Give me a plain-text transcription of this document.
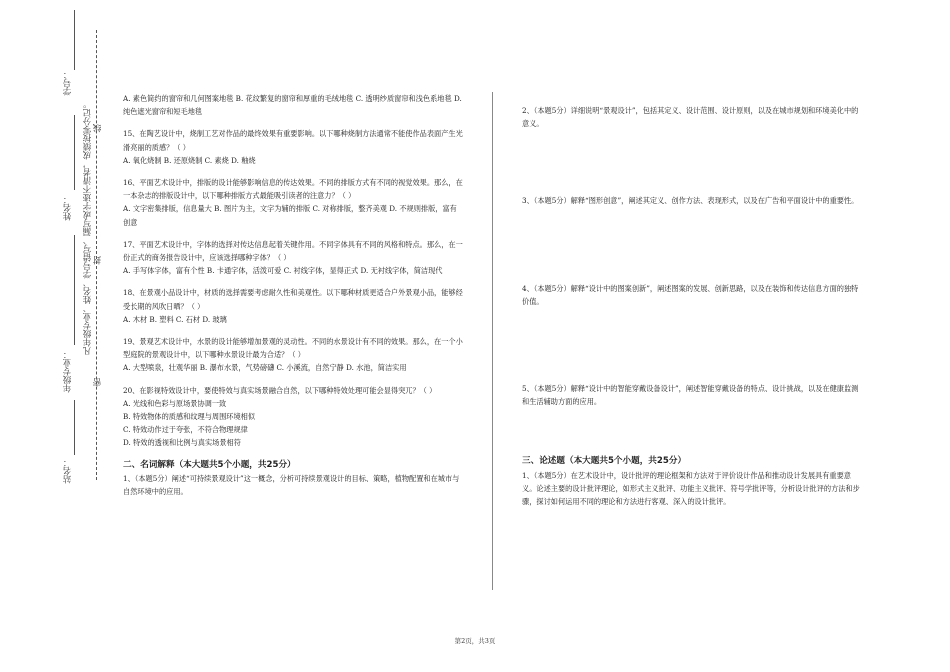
站名：
年级专业：
姓名：
学号：
凡年级专业、姓名、学号错写、漏写或字迹不清者，成绩按零分记。
密
封
线

A. 素色简约的窗帘和几何图案地毯 B. 花纹繁复的窗帘和厚重的毛绒地毯 C. 透明纱质窗帘和浅色系地毯 D. 纯色遮光窗帘和短毛地毯

15、在陶艺设计中，烧制工艺对作品的最终效果有重要影响。以下哪种烧制方法通常不能使作品表面产生光滑亮丽的质感？（ ）

A. 氧化烧制 B. 还原烧制 C. 素烧 D. 釉烧

16、平面艺术设计中，排版的设计能够影响信息的传达效果。不同的排版方式有不同的视觉效果。那么，在一本杂志的排版设计中，以下哪种排版方式最能吸引读者的注意力？（ ）

A. 文字密集排版，信息量大 B. 图片为主，文字为辅的排版 C. 对称排版，整齐美观 D. 不规则排版，富有创意

17、平面艺术设计中，字体的选择对传达信息起着关键作用。不同字体具有不同的风格和特点。那么，在一份正式的商务报告设计中，应该选择哪种字体？（ ）

A. 手写体字体，富有个性 B. 卡通字体，活泼可爱 C. 衬线字体，显得正式 D. 无衬线字体，简洁现代

18、在景观小品设计中，材质的选择需要考虑耐久性和美观性。以下哪种材质更适合户外景观小品，能够经受长期的风吹日晒？（ ）

A. 木材 B. 塑料 C. 石材 D. 玻璃

19、景观艺术设计中，水景的设计能够增加景观的灵动性。不同的水景设计有不同的效果。那么，在一个小型庭院的景观设计中，以下哪种水景设计最为合适？（ ）

A. 大型喷泉，壮观华丽 B. 瀑布水景，气势磅礴 C. 小溪流，自然宁静 D. 水池，简洁实用

20、在影视特效设计中，要使特效与真实场景融合自然，以下哪种特效处理可能会显得突兀？（ ）

A. 光线和色彩与原场景协调一致

B. 特效物体的质感和纹理与周围环境相似

C. 特效动作过于夸张，不符合物理规律

D. 特效的透视和比例与真实场景相符

二、名词解释（本大题共5个小题，共25分）

1、（本题5分）阐述“可持续景观设计”这一概念，分析可持续景观设计的目标、策略，植物配置和在城市与自然环境中的应用。

2、（本题5分）详细说明“景观设计”，包括其定义、设计范围、设计原则，以及在城市规划和环境美化中的意义。

3、（本题5分）解释“图形创意”，阐述其定义、创作方法、表现形式，以及在广告和平面设计中的重要性。

4、（本题5分）解释“设计中的图案创新”，阐述图案的发展、创新思路，以及在装饰和传达信息方面的独特价值。

5、（本题5分）解释“设计中的智能穿戴设备设计”，阐述智能穿戴设备的特点、设计挑战，以及在健康监测和生活辅助方面的应用。

三、论述题（本大题共5个小题，共25分）

1、（本题5分）在艺术设计中，设计批评的理论框架和方法对于评价设计作品和推动设计发展具有重要意义。论述主要的设计批评理论，如形式主义批评、功能主义批评、符号学批评等，分析设计批评的方法和步骤，探讨如何运用不同的理论和方法进行客观、深入的设计批评。

第2页，共3页
